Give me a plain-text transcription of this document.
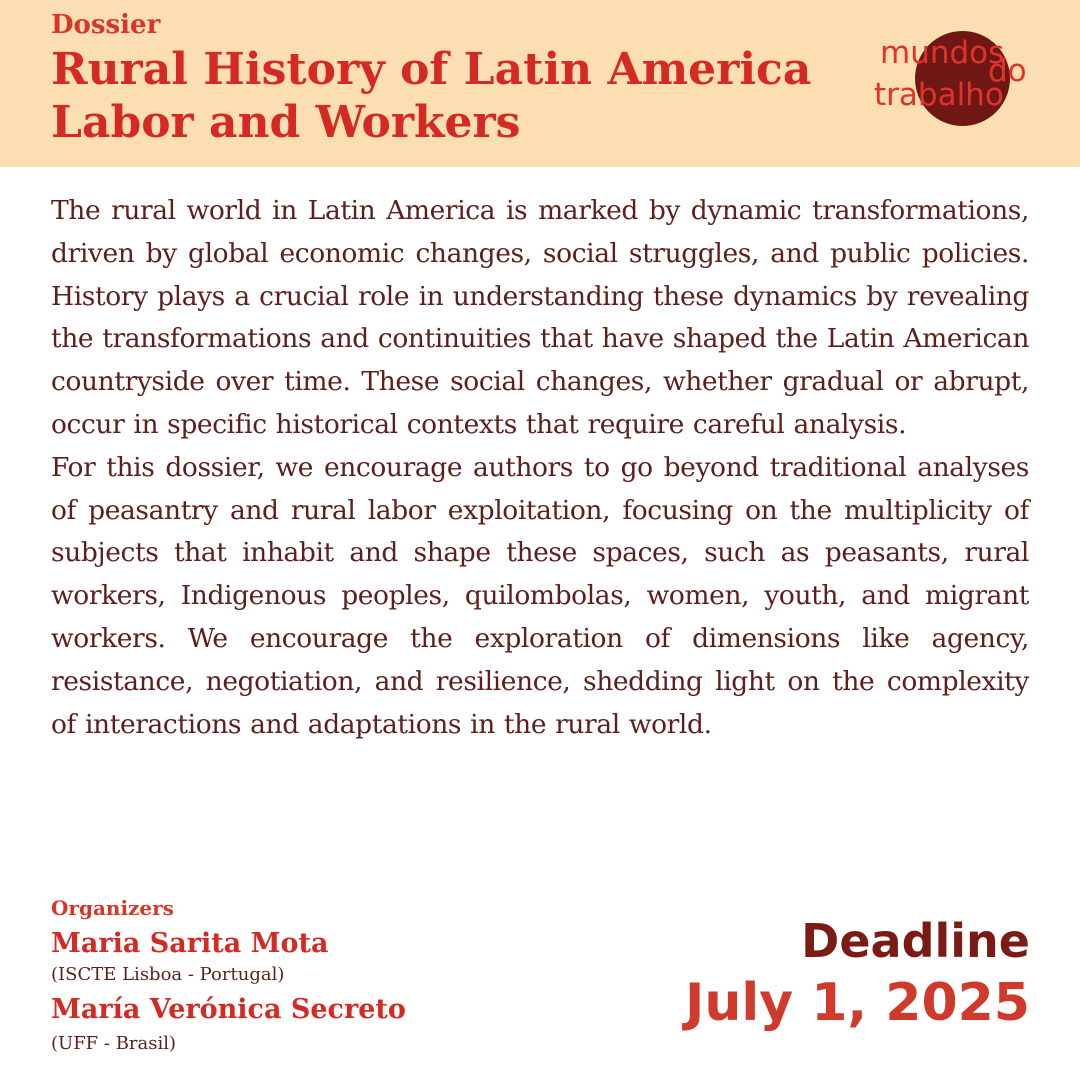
Dossier
Rural History of Latin America
Labor and Workers
mundos
do
trabalho

The rural world in Latin America is marked by dynamic transformations, driven by global economic changes, social struggles, and public policies. History plays a crucial role in understanding these dynamics by revealing the transformations and continuities that have shaped the Latin American countryside over time. These social changes, whether gradual or abrupt, occur in specific historical contexts that require careful analysis.

For this dossier, we encourage authors to go beyond traditional analyses of peasantry and rural labor exploitation, focusing on the multiplicity of subjects that inhabit and shape these spaces, such as peasants, rural workers, Indigenous peoples, quilombolas, women, youth, and migrant workers. We encourage the exploration of dimensions like agency, resistance, negotiation, and resilience, shedding light on the complexity of interactions and adaptations in the rural world.

Organizers
Maria Sarita Mota
(ISCTE Lisboa - Portugal)
María Verónica Secreto
(UFF - Brasil)
Deadline
July 1, 2025
